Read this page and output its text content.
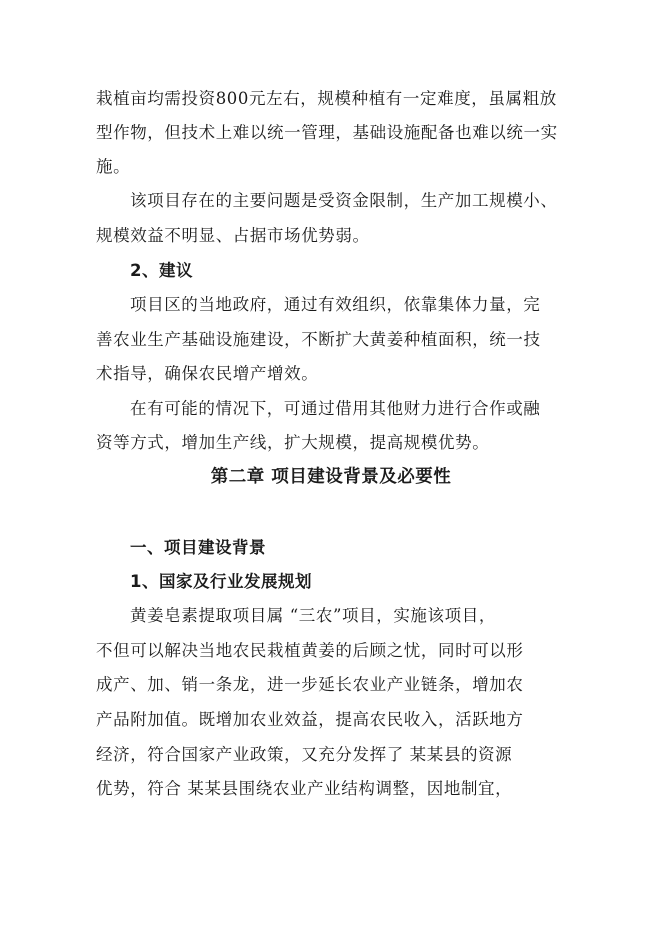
栽植亩均需投资800元左右，规模种植有一定难度，虽属粗放
型作物，但技术上难以统一管理，基础设施配备也难以统一实
施。
该项目存在的主要问题是受资金限制，生产加工规模小、
规模效益不明显、占据市场优势弱。
2、建议
项目区的当地政府，通过有效组织，依靠集体力量，完
善农业生产基础设施建设，不断扩大黄姜种植面积，统一技
术指导，确保农民增产增效。
在有可能的情况下，可通过借用其他财力进行合作或融
资等方式，增加生产线，扩大规模，提高规模优势。
第二章 项目建设背景及必要性
一、项目建设背景
1、国家及行业发展规划
黄姜皂素提取项目属 “三农”项目，实施该项目，
不但可以解决当地农民栽植黄姜的后顾之忧，同时可以形
成产、加、销一条龙，进一步延长农业产业链条，增加农
产品附加值。既增加农业效益，提高农民收入，活跃地方
经济，符合国家产业政策，又充分发挥了 某某县的资源
优势，符合 某某县围绕农业产业结构调整，因地制宜，
